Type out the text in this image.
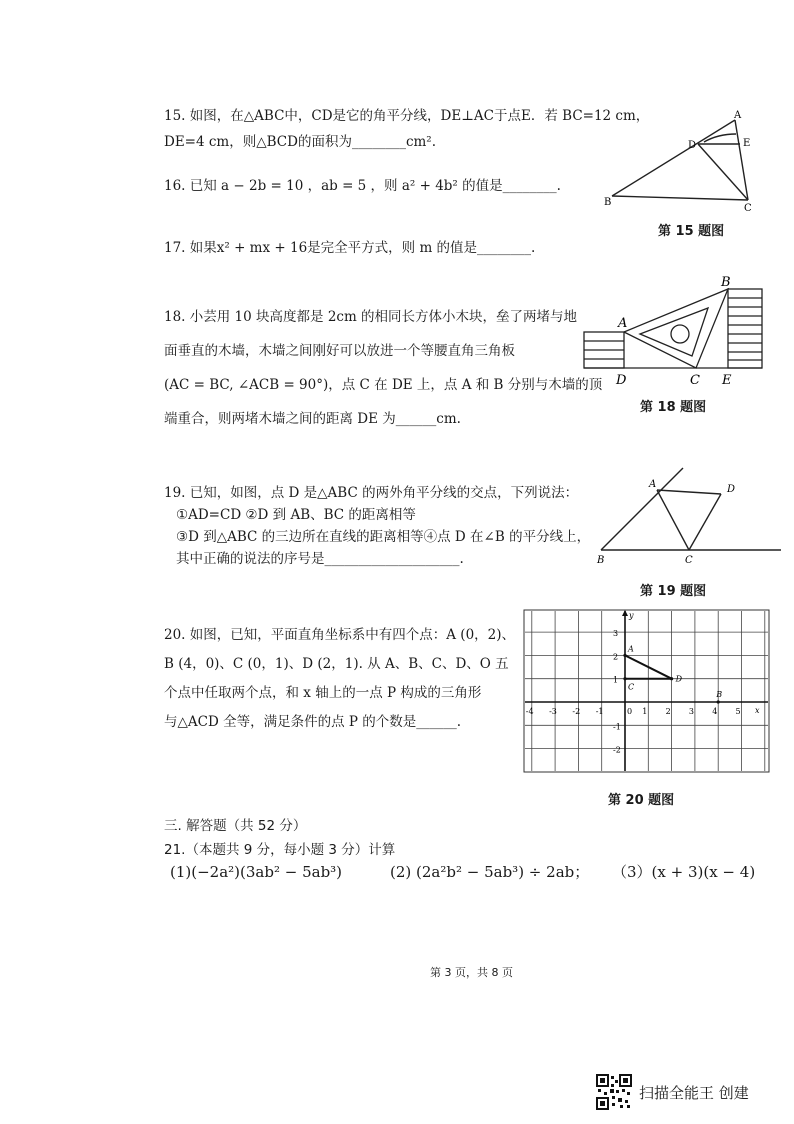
15. 如图，在△ABC中，CD是它的角平分线，DE⊥AC于点E．若 BC=12 cm，
DE=4 cm，则△BCD的面积为________cm².
A
B
C
D	E
第 15 题图
16. 已知 a − 2b = 10 ，ab = 5 ，则 a² + 4b² 的值是________.
17. 如果x² + mx + 16是完全平方式，则 m 的值是________.
18. 小芸用 10 块高度都是 2cm 的相同长方体小木块，垒了两堵与地
面垂直的木墙，木墙之间刚好可以放进一个等腰直角三角板
(AC = BC, ∠ACB = 90°)，点 C 在 DE 上，点 A 和 B 分别与木墙的顶
端重合，则两堵木墙之间的距离 DE 为______cm.
A
B
C
D	E
第 18 题图
19. 已知，如图，点 D 是△ABC 的两外角平分线的交点，下列说法：
①AD=CD ②D 到 AB、BC 的距离相等
③D 到△ABC 的三边所在直线的距离相等④点 D 在∠B 的平分线上，
其中正确的说法的序号是____________________.
A
B	C
D
第 19 题图
20. 如图，已知，平面直角坐标系中有四个点：A (0，2)、
B (4，0)、C (0，1)、D (2，1). 从 A、B、C、D、O 五
个点中任取两个点，和 x 轴上的一点 P 构成的三角形
与△ACD 全等，满足条件的点 P 的个数是______.
x
y
-4 -3 -2 -1	0 1 2 3 4 5
3
2
1
-1
-2
A
C
D
B
第 20 题图
三. 解答题（共 52 分）
21.（本题共 9 分，每小题 3 分）计算
(1)(−2a²)(3ab² − 5ab³)	(2) (2a²b² − 5ab³) ÷ 2ab； （3）(x + 3)(x − 4)
第 3 页，共 8 页
扫描全能王 创建
